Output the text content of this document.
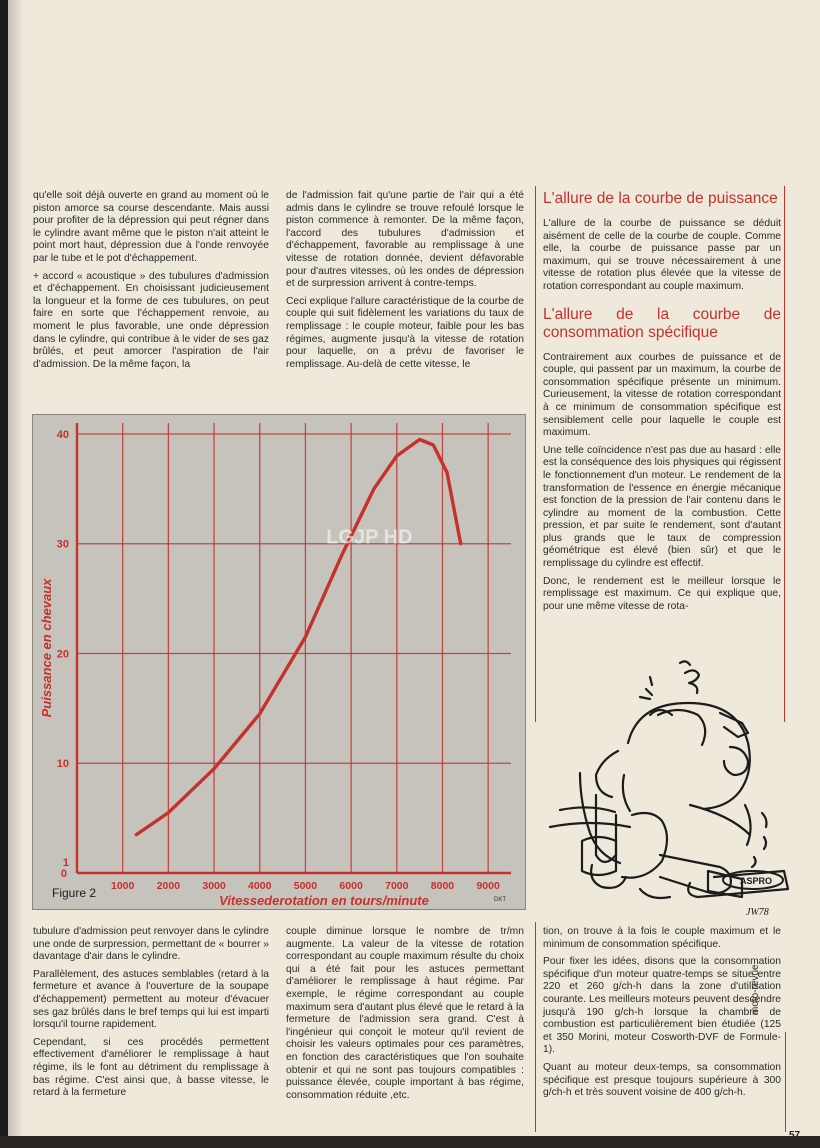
qu'elle soit déjà ouverte en grand au moment où le piston amorce sa course descendante. Mais aussi pour profiter de la dépression qui peut régner dans le cylindre avant même que le piston n'ait atteint le point mort haut, dépression due à l'onde renvoyée par le tube et le pot d'échappement.

+ accord « acoustique » des tubulures d'admission et d'échappement. En choisissant judicieusement la longueur et la forme de ces tubulures, on peut faire en sorte que l'échappement renvoie, au moment le plus favorable, une onde dépression dans le cylindre, qui contribue à le vider de ses gaz brûlés, et peut amorcer l'aspiration de l'air d'admission. De la même façon, la

de l'admission fait qu'une partie de l'air qui a été admis dans le cylindre se trouve refoulé lorsque le piston commence à remonter. De la même façon, l'accord des tubulures d'admission et d'échappement, favorable au remplissage à une vitesse de rotation donnée, devient défavorable pour d'autres vitesses, où les ondes de dépression et de surpression arrivent à contre-temps.

Ceci explique l'allure caractéristique de la courbe de couple qui suit fidèlement les variations du taux de remplissage : le couple moteur, faible pour les bas régimes, augmente jusqu'à la vitesse de rotation pour laquelle, on a prévu de favoriser le remplissage. Au-delà de cette vitesse, le

L'allure de la courbe de puissance

L'allure de la courbe de puissance se déduit aisément de celle de la courbe de couple. Comme elle, la courbe de puissance passe par un maximum, qui se trouve nécessairement à une vitesse de rotation plus élevée que la vitesse de rotation correspondant au couple maximum.

L'allure de la courbe de consommation spécifique

Contrairement aux courbes de puissance et de couple, qui passent par un maximum, la courbe de consommation spécifique présente un minimum. Curieusement, la vitesse de rotation correspondant à ce minimum de consommation spécifique est sensiblement celle pour laquelle le couple est maximum.

Une telle coïncidence n'est pas due au hasard : elle est la conséquence des lois physiques qui régissent le fonctionnement d'un moteur. Le rendement de la transformation de l'essence en énergie mécanique est fonction de la pression de l'air contenu dans le cylindre au moment de la combustion. Cette pression, et par suite le rendement, sont d'autant plus grands que le taux de compression géométrique est élevé (bien sûr) et que le remplissage du cylindre est effectif.

Donc, le rendement est le meilleur lorsque le remplissage est maximum. Ce qui explique que, pour une même vitesse de rota-

1
10
20
30
40
0
1000 2000 3000 4000 5000 6000 7000 8000 9000
Vitessederotation en tours/minute
Puissance en chevaux
LGJP HD
Figure 2	DKT
ASPRO
JW78

tubulure d'admission peut renvoyer dans le cylindre une onde de surpression, permettant de « bourrer » davantage d'air dans le cylindre.

Parallèlement, des astuces semblables (retard à la fermeture et avance à l'ouverture de la soupape d'échappement) permettent au moteur d'évacuer ses gaz brûlés dans le bref temps qui lui est imparti lorsqu'il tourne rapidement.

Cependant, si ces procédés permettent effectivement d'améliorer le remplissage à haut régime, ils le font au détriment du remplissage à bas régime. C'est ainsi que, à basse vitesse, le retard à la fermeture

couple diminue lorsque le nombre de tr/mn augmente. La valeur de la vitesse de rotation correspondant au couple maximum résulte du choix qui a été fait pour les astuces permettant d'améliorer le remplissage à haut régime. Par exemple, le régime correspondant au couple maximum sera d'autant plus élevé que le retard à la fermeture de l'admission sera grand. C'est à l'ingénieur qui conçoit le moteur qu'il revient de choisir les valeurs optimales pour ces paramètres, en fonction des caractéristiques que l'on souhaite obtenir et qui ne sont pas toujours compatibles : puissance élevée, couple important à bas régime, consommation réduite ,etc.

tion, on trouve à la fois le couple maximum et le minimum de consommation spécifique.

Pour fixer les idées, disons que la consommation spécifique d'un moteur quatre-temps se situe entre 220 et 260 g/ch-h dans la zone d'utilisation courante. Les meilleurs moteurs peuvent descendre jusqu'à 190 g/ch-h lorsque la chambre de combustion est particulièrement bien étudiée (125 et 350 Morini, moteur Cosworth-DVF de Formule-1).

Quant au moteur deux-temps, sa consommation spécifique est presque toujours supérieure à 300 g/ch-h et très souvent voisine de 400 g/ch-h.

moto-revue
